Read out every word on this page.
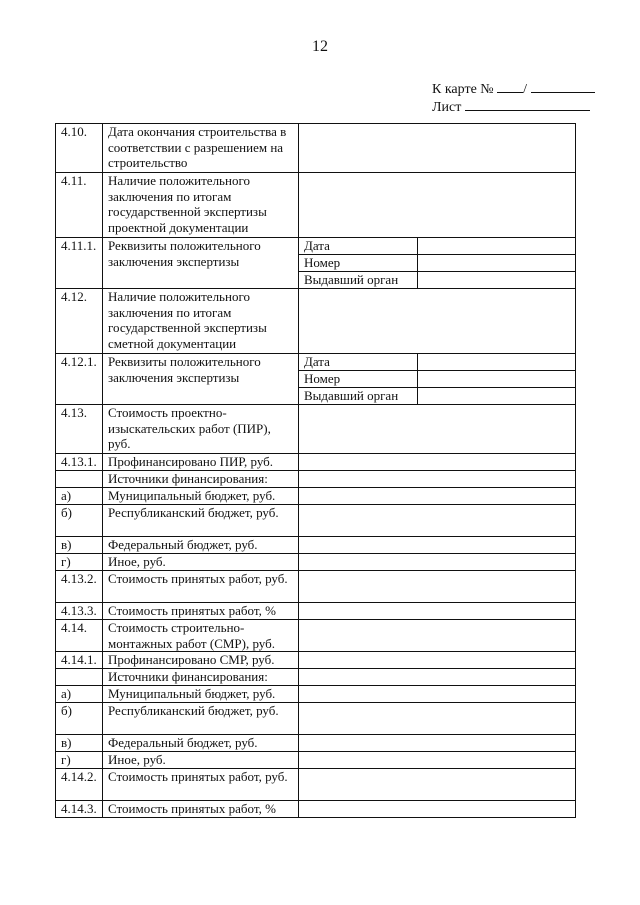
12
К карте № /
Лист
4.10.	Дата окончания строительства в соответствии с разрешением на строительство		
4.11.	Наличие положительного заключения по итогам государственной экспертизы проектной документации		
4.11.1.	Реквизиты положительного заключения экспертизы	Дата	
		Номер	
		Выдавший орган	
4.12.	Наличие положительного заключения по итогам государственной экспертизы сметной документации		
4.12.1.	Реквизиты положительного заключения экспертизы	Дата	
		Номер	
		Выдавший орган	
4.13.	Стоимость проектно-изыскательских работ (ПИР), руб.		
4.13.1.	Профинансировано ПИР, руб.		
	Источники финансирования:		
а)	Муниципальный бюджет, руб.		
б)	Республиканский бюджет, руб.		
в)	Федеральный бюджет, руб.		
г)	Иное, руб.		
4.13.2.	Стоимость принятых работ, руб.		
4.13.3.	Стоимость принятых работ, %		
4.14.	Стоимость строительно-монтажных работ (СМР), руб.		
4.14.1.	Профинансировано СМР, руб.		
	Источники финансирования:		
а)	Муниципальный бюджет, руб.		
б)	Республиканский бюджет, руб.		
в)	Федеральный бюджет, руб.		
г)	Иное, руб.		
4.14.2.	Стоимость принятых работ, руб.		
4.14.3.	Стоимость принятых работ, %		
